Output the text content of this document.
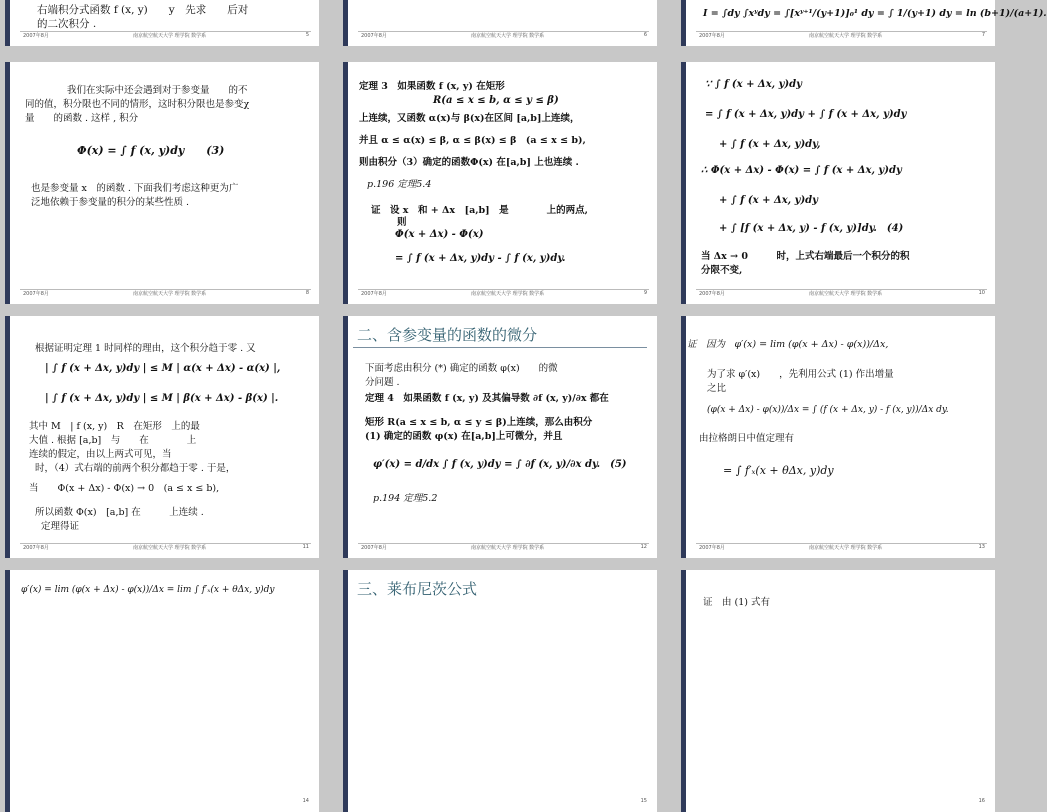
右端积分式函数 f (x, y)　　y　先求　　后对
的二次积分 .
2007年8月	南京航空航天大学 理学院 数学系	5	2007年8月	南京航空航天大学 理学院 数学系	6
I = ∫dy ∫xʸdy = ∫[xʸ⁺¹/(y+1)]₀¹ dy = ∫ 1/(y+1) dy = ln (b+1)/(a+1).
2007年8月	南京航空航天大学 理学院 数学系	7
我们在实际中还会遇到对于参变量　　的不
同的值，积分限也不同的情形，这时积分限也是参变χ
量　　的函数 . 这样 , 积分
Φ(x) = ∫ f (x, y)dy　　(3)
也是参变量 x　的函数 . 下面我们考虑这种更为广
泛地依赖于参变量的积分的某些性质 .
2007年8月	南京航空航天大学 理学院 数学系	8
定理 3　如果函数 f (x, y) 在矩形
R(a ≤ x ≤ b, α ≤ y ≤ β)
上连续，又函数 α(x)与 β(x)在区间 [a,b]上连续，
并且 α ≤ α(x) ≤ β, α ≤ β(x) ≤ β　(a ≤ x ≤ b),
则由积分（3）确定的函数Φ(x) 在[a,b] 上也连续 .
p.196 定理5.4
证　设 x　和 + Δx　[a,b]　是　　　　上的两点,
则
Φ(x + Δx) - Φ(x)
= ∫ f (x + Δx, y)dy - ∫ f (x, y)dy.
2007年8月	南京航空航天大学 理学院 数学系	9
∵ ∫ f (x + Δx, y)dy
= ∫ f (x + Δx, y)dy + ∫ f (x + Δx, y)dy
+ ∫ f (x + Δx, y)dy,
∴ Φ(x + Δx) - Φ(x) = ∫ f (x + Δx, y)dy
+ ∫ f (x + Δx, y)dy
+ ∫ [f (x + Δx, y) - f (x, y)]dy.　(4)
当 Δx → 0　　　时，上式右端最后一个积分的积
分限不变,
2007年8月	南京航空航天大学 理学院 数学系	10
根据证明定理 1 时同样的理由，这个积分趋于零 . 又
| ∫ f (x + Δx, y)dy | ≤ M | α(x + Δx) - α(x) |,
| ∫ f (x + Δx, y)dy | ≤ M | β(x + Δx) - β(x) |.
其中 M　| f (x, y)　R　在矩形　上的最
大值 . 根据 [a,b]　与　　在　　　　上
连续的假定，由以上两式可见，当
时，（4）式右端的前两个积分都趋于零 . 于是，
当　　Φ(x + Δx) - Φ(x) → 0　(a ≤ x ≤ b),
所以函数 Φ(x)　[a,b] 在　　　上连续 .
定理得证
2007年8月	南京航空航天大学 理学院 数学系	11
二、含参变量的函数的微分
下面考虑由积分 (*) 确定的函数 φ(x)　　的微
分问题 .
定理 4　如果函数 f (x, y) 及其偏导数 ∂f (x, y)/∂x 都在
矩形 R(a ≤ x ≤ b, α ≤ y ≤ β)上连续，那么由积分
(1) 确定的函数 φ(x) 在[a,b]上可微分，并且
φ′(x) = d/dx ∫ f (x, y)dy = ∫ ∂f (x, y)/∂x dy.　(5)
p.194 定理5.2
2007年8月	南京航空航天大学 理学院 数学系	12
证　因为　φ′(x) = lim (φ(x + Δx) - φ(x))/Δx,
为了求 φ′(x)　　，先利用公式 (1) 作出增量
之比
(φ(x + Δx) - φ(x))/Δx = ∫ (f (x + Δx, y) - f (x, y))/Δx dy.
由拉格朗日中值定理有
= ∫ f′ₓ(x + θΔx, y)dy
2007年8月	南京航空航天大学 理学院 数学系	13
φ′(x) = lim (φ(x + Δx) - φ(x))/Δx = lim ∫ f′ₓ(x + θΔx, y)dy
14
三、莱布尼茨公式
15
证　由 (1) 式有
16
